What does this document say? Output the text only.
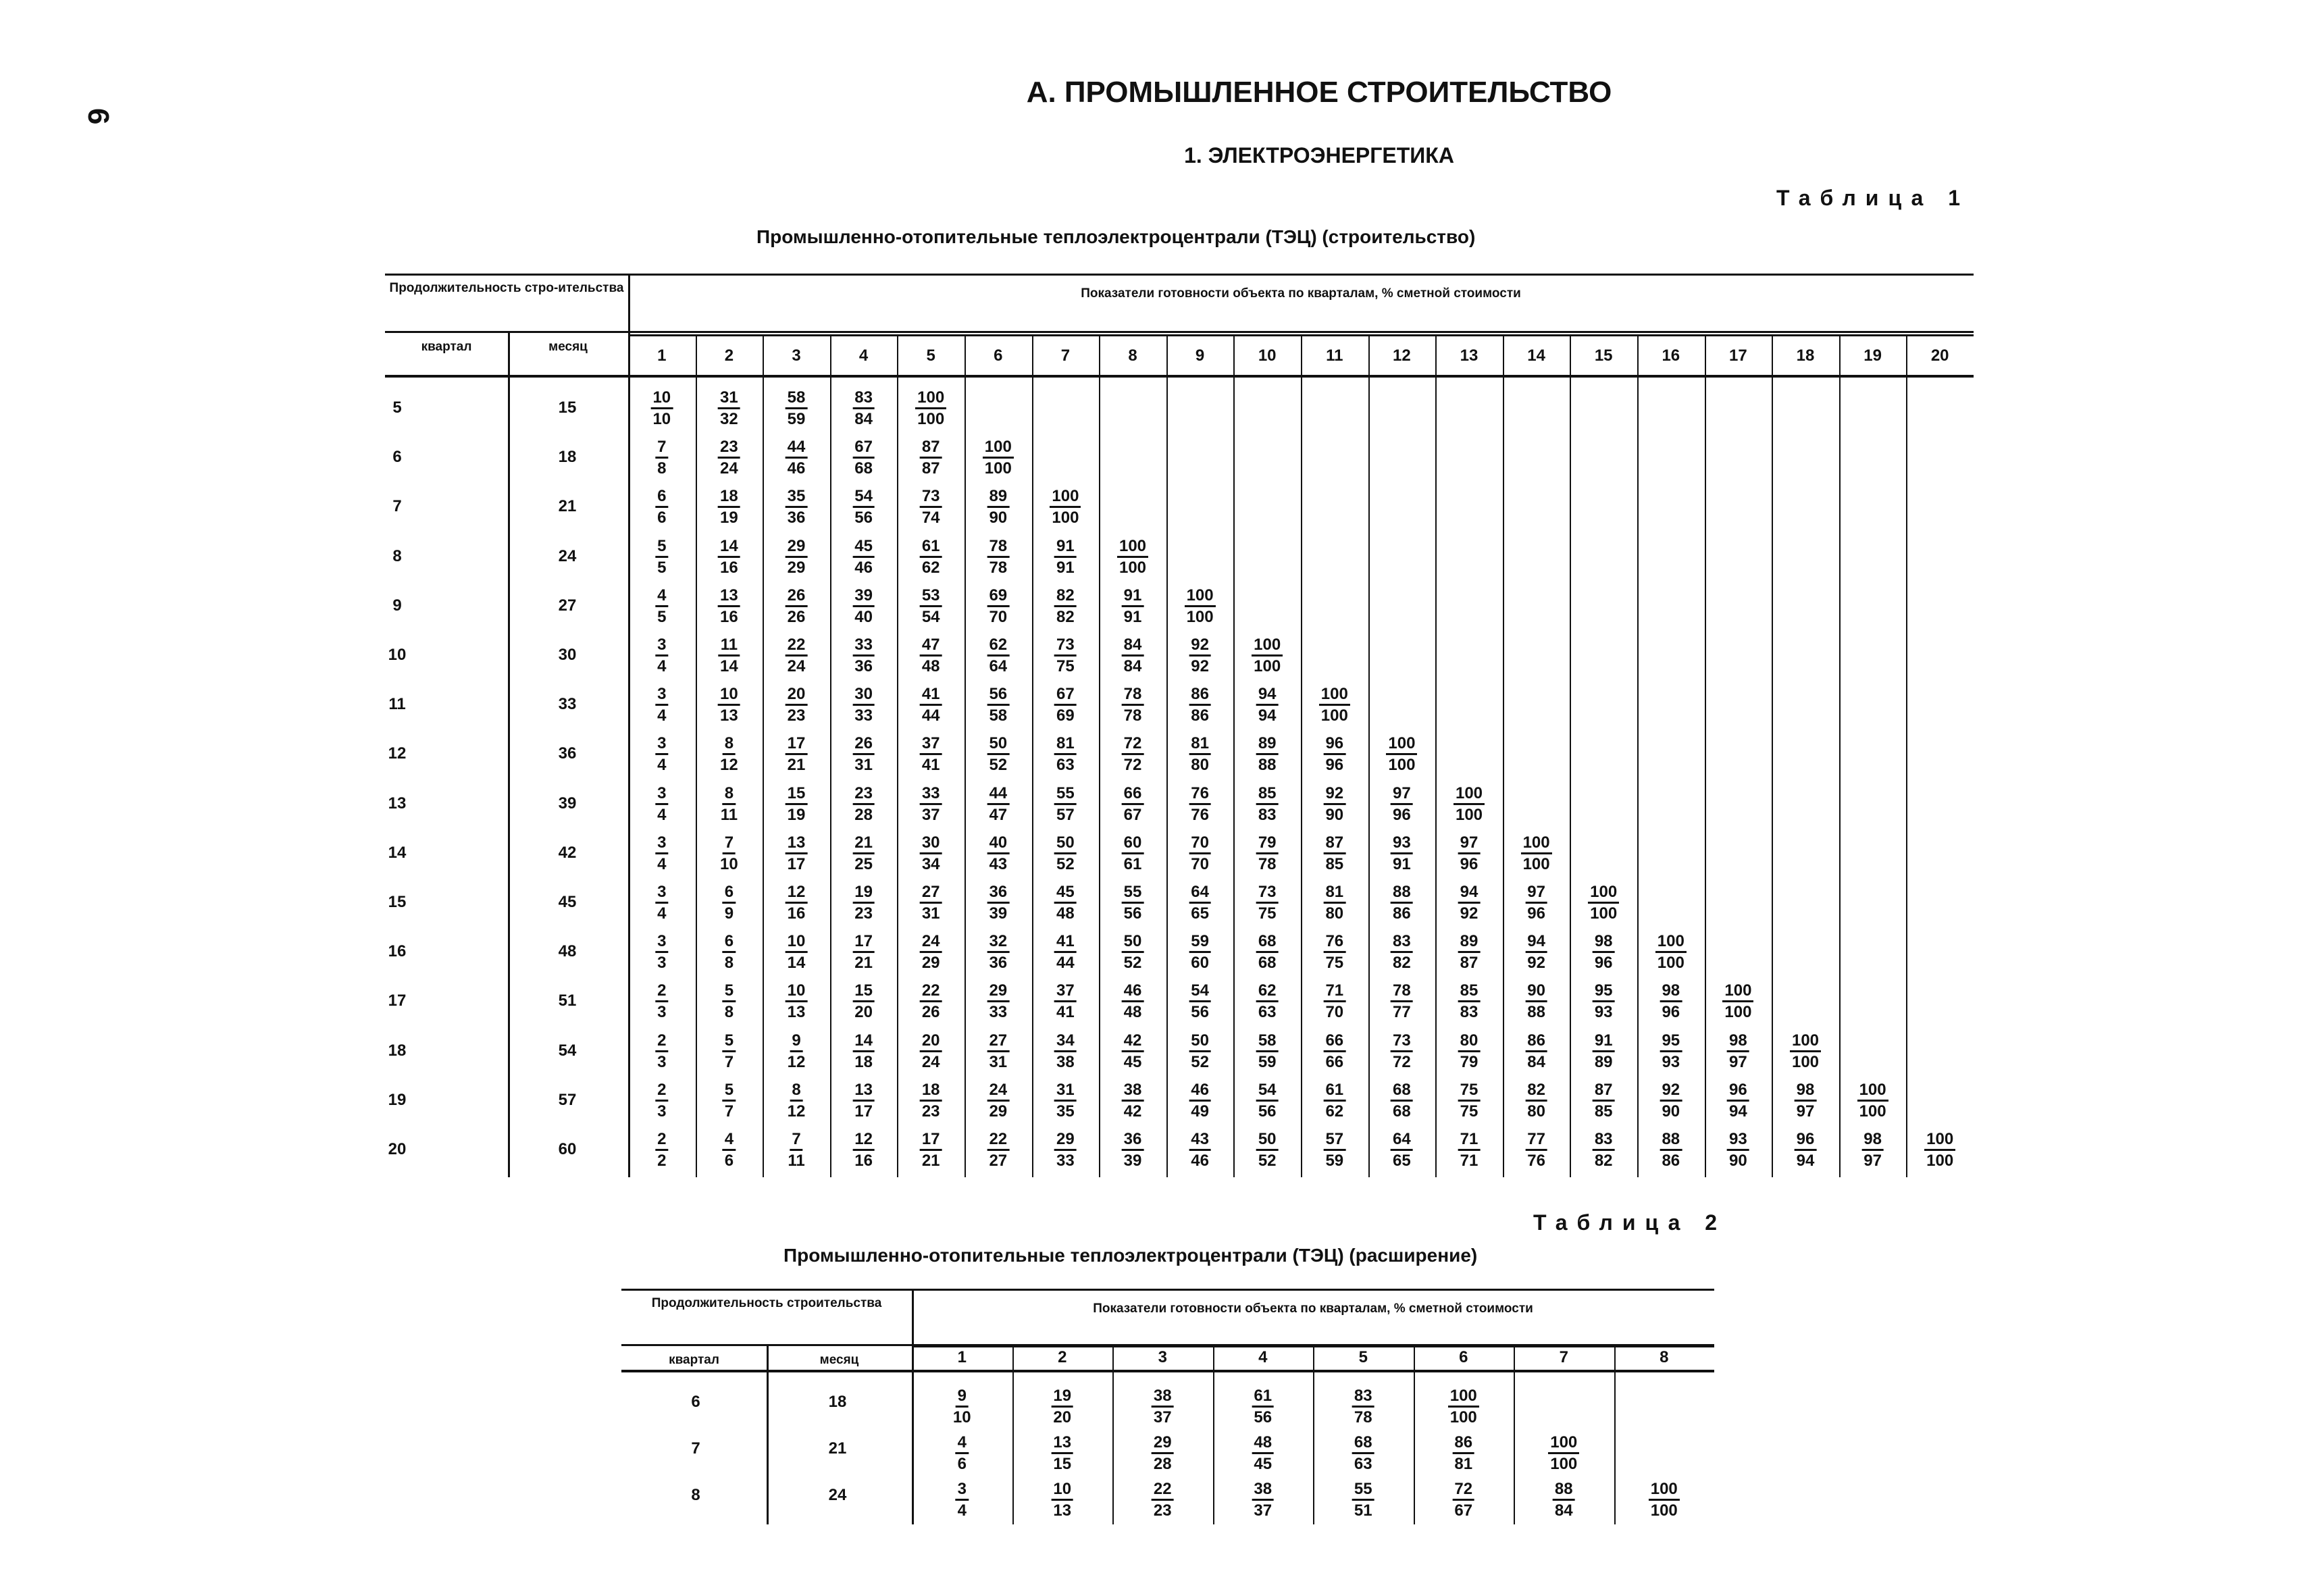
6
А. ПРОМЫШЛЕННОЕ СТРОИТЕЛЬСТВО
1. ЭЛЕКТРОЭНЕРГЕТИКА
Таблица 1
Промышленно-отопительные теплоэлектроцентрали (ТЭЦ) (строительство)
Продолжительность стро-ительства	Показатели готовности объекта по кварталам, % сметной стоимости
квартал	месяц	1	2	3	4	5	6	7	8	9	10	11	12	13	14	15	16	17	18	19	20
5	15	$\frac{10}{10}$	$\frac{31}{32}$	$\frac{58}{59}$	$\frac{83}{84}$	$\frac{100}{100}$
6	18	$\frac{7}{8}$	$\frac{23}{24}$	$\frac{44}{46}$	$\frac{67}{68}$	$\frac{87}{87}$	$\frac{100}{100}$
7	21	$\frac{6}{6}$	$\frac{18}{19}$	$\frac{35}{36}$	$\frac{54}{56}$	$\frac{73}{74}$	$\frac{89}{90}$	$\frac{100}{100}$
8	24	$\frac{5}{5}$	$\frac{14}{16}$	$\frac{29}{29}$	$\frac{45}{46}$	$\frac{61}{62}$	$\frac{78}{78}$	$\frac{91}{91}$	$\frac{100}{100}$
9	27	$\frac{4}{5}$	$\frac{13}{16}$	$\frac{26}{26}$	$\frac{39}{40}$	$\frac{53}{54}$	$\frac{69}{70}$	$\frac{82}{82}$	$\frac{91}{91}$	$\frac{100}{100}$
10	30	$\frac{3}{4}$	$\frac{11}{14}$	$\frac{22}{24}$	$\frac{33}{36}$	$\frac{47}{48}$	$\frac{62}{64}$	$\frac{73}{75}$	$\frac{84}{84}$	$\frac{92}{92}$	$\frac{100}{100}$
11	33	$\frac{3}{4}$	$\frac{10}{13}$	$\frac{20}{23}$	$\frac{30}{33}$	$\frac{41}{44}$	$\frac{56}{58}$	$\frac{67}{69}$	$\frac{78}{78}$	$\frac{86}{86}$	$\frac{94}{94}$	$\frac{100}{100}$
12	36	$\frac{3}{4}$	$\frac{8}{12}$	$\frac{17}{21}$	$\frac{26}{31}$	$\frac{37}{41}$	$\frac{50}{52}$	$\frac{81}{63}$	$\frac{72}{72}$	$\frac{81}{80}$	$\frac{89}{88}$	$\frac{96}{96}$	$\frac{100}{100}$
13	39	$\frac{3}{4}$	$\frac{8}{11}$	$\frac{15}{19}$	$\frac{23}{28}$	$\frac{33}{37}$	$\frac{44}{47}$	$\frac{55}{57}$	$\frac{66}{67}$	$\frac{76}{76}$	$\frac{85}{83}$	$\frac{92}{90}$	$\frac{97}{96}$	$\frac{100}{100}$
14	42	$\frac{3}{4}$	$\frac{7}{10}$	$\frac{13}{17}$	$\frac{21}{25}$	$\frac{30}{34}$	$\frac{40}{43}$	$\frac{50}{52}$	$\frac{60}{61}$	$\frac{70}{70}$	$\frac{79}{78}$	$\frac{87}{85}$	$\frac{93}{91}$	$\frac{97}{96}$	$\frac{100}{100}$
15	45	$\frac{3}{4}$	$\frac{6}{9}$	$\frac{12}{16}$	$\frac{19}{23}$	$\frac{27}{31}$	$\frac{36}{39}$	$\frac{45}{48}$	$\frac{55}{56}$	$\frac{64}{65}$	$\frac{73}{75}$	$\frac{81}{80}$	$\frac{88}{86}$	$\frac{94}{92}$	$\frac{97}{96}$	$\frac{100}{100}$
16	48	$\frac{3}{3}$	$\frac{6}{8}$	$\frac{10}{14}$	$\frac{17}{21}$	$\frac{24}{29}$	$\frac{32}{36}$	$\frac{41}{44}$	$\frac{50}{52}$	$\frac{59}{60}$	$\frac{68}{68}$	$\frac{76}{75}$	$\frac{83}{82}$	$\frac{89}{87}$	$\frac{94}{92}$	$\frac{98}{96}$	$\frac{100}{100}$
17	51	$\frac{2}{3}$	$\frac{5}{8}$	$\frac{10}{13}$	$\frac{15}{20}$	$\frac{22}{26}$	$\frac{29}{33}$	$\frac{37}{41}$	$\frac{46}{48}$	$\frac{54}{56}$	$\frac{62}{63}$	$\frac{71}{70}$	$\frac{78}{77}$	$\frac{85}{83}$	$\frac{90}{88}$	$\frac{95}{93}$	$\frac{98}{96}$	$\frac{100}{100}$
18	54	$\frac{2}{3}$	$\frac{5}{7}$	$\frac{9}{12}$	$\frac{14}{18}$	$\frac{20}{24}$	$\frac{27}{31}$	$\frac{34}{38}$	$\frac{42}{45}$	$\frac{50}{52}$	$\frac{58}{59}$	$\frac{66}{66}$	$\frac{73}{72}$	$\frac{80}{79}$	$\frac{86}{84}$	$\frac{91}{89}$	$\frac{95}{93}$	$\frac{98}{97}$	$\frac{100}{100}$
19	57	$\frac{2}{3}$	$\frac{5}{7}$	$\frac{8}{12}$	$\frac{13}{17}$	$\frac{18}{23}$	$\frac{24}{29}$	$\frac{31}{35}$	$\frac{38}{42}$	$\frac{46}{49}$	$\frac{54}{56}$	$\frac{61}{62}$	$\frac{68}{68}$	$\frac{75}{75}$	$\frac{82}{80}$	$\frac{87}{85}$	$\frac{92}{90}$	$\frac{96}{94}$	$\frac{98}{97}$	$\frac{100}{100}$
20	60	$\frac{2}{2}$	$\frac{4}{6}$	$\frac{7}{11}$	$\frac{12}{16}$	$\frac{17}{21}$	$\frac{22}{27}$	$\frac{29}{33}$	$\frac{36}{39}$	$\frac{43}{46}$	$\frac{50}{52}$	$\frac{57}{59}$	$\frac{64}{65}$	$\frac{71}{71}$	$\frac{77}{76}$	$\frac{83}{82}$	$\frac{88}{86}$	$\frac{93}{90}$	$\frac{96}{94}$	$\frac{98}{97}$	$\frac{100}{100}$
Таблица 2
Промышленно-отопительные теплоэлектроцентрали (ТЭЦ) (расширение)
Продолжительность строительства	Показатели готовности объекта по кварталам, % сметной стоимости
квартал	месяц	1	2	3	4	5	6	7	8
6	18	$\frac{9}{10}$	$\frac{19}{20}$	$\frac{38}{37}$	$\frac{61}{56}$	$\frac{83}{78}$	$\frac{100}{100}$
7	21	$\frac{4}{6}$	$\frac{13}{15}$	$\frac{29}{28}$	$\frac{48}{45}$	$\frac{68}{63}$	$\frac{86}{81}$	$\frac{100}{100}$
8	24	$\frac{3}{4}$	$\frac{10}{13}$	$\frac{22}{23}$	$\frac{38}{37}$	$\frac{55}{51}$	$\frac{72}{67}$	$\frac{88}{84}$	$\frac{100}{100}$
